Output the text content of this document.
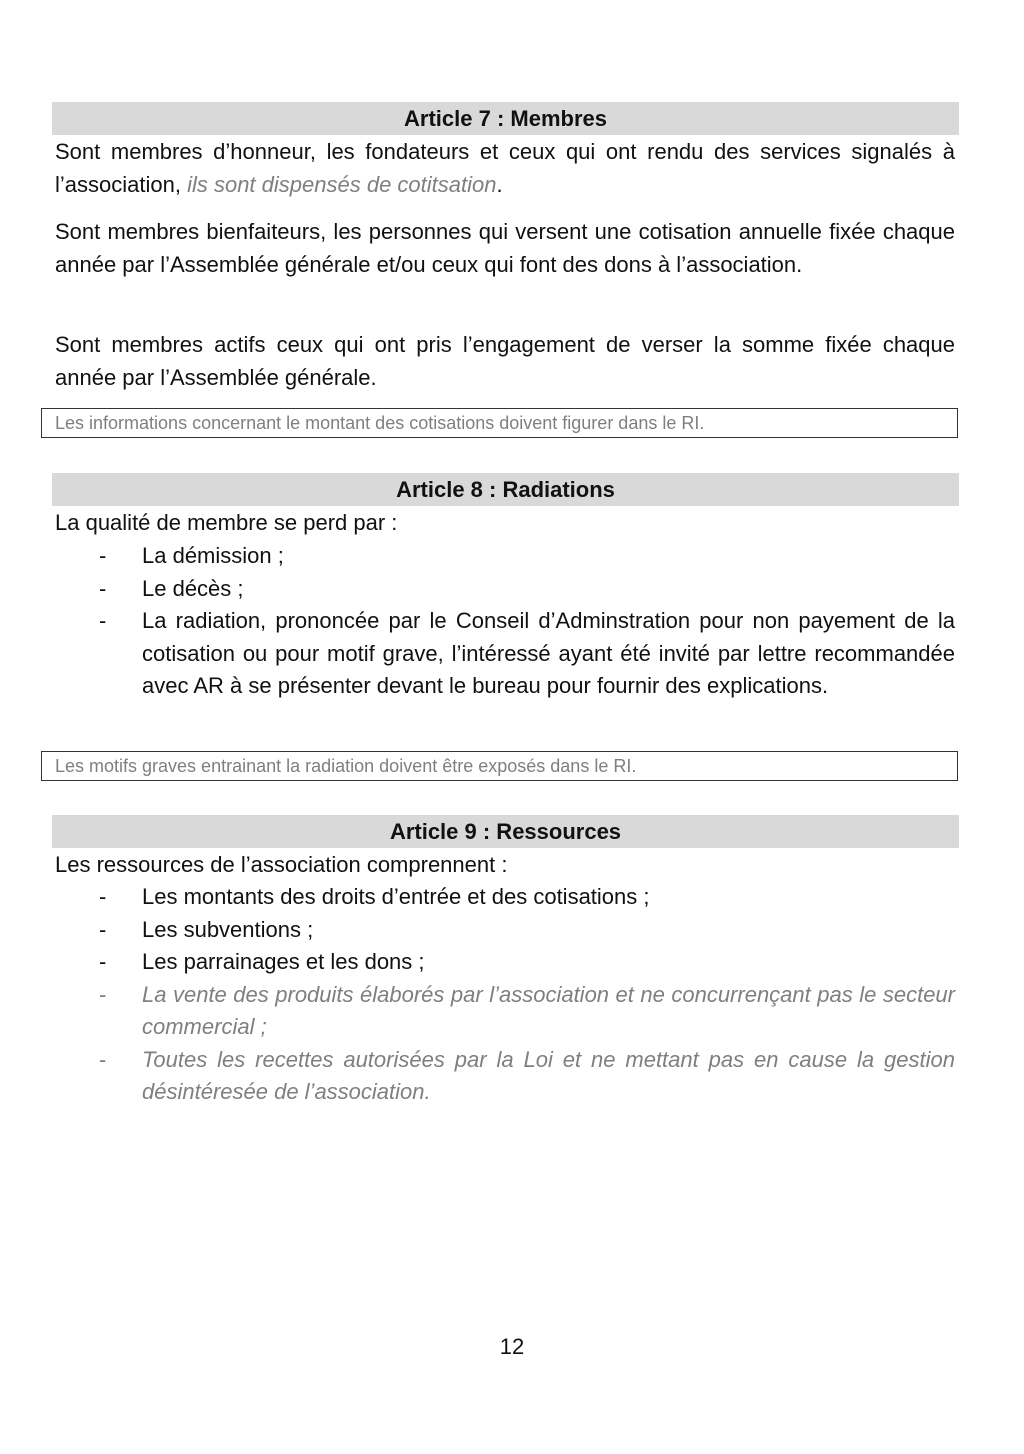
Article 7 : Membres

Sont membres d’honneur, les fondateurs et ceux qui ont rendu des services signalés à l’association, ils sont dispensés de cotitsation.

Sont membres bienfaiteurs, les personnes qui versent une cotisation annuelle fixée chaque année par l’Assemblée générale et/ou ceux qui font des dons à l’association.

Sont membres actifs ceux qui ont pris l’engagement de verser la somme fixée chaque année par l’Assemblée générale.

Les informations concernant le montant des cotisations doivent figurer dans le RI.
Article 8 : Radiations

La qualité de membre se perd par :

- La démission ;
- Le décès ;
- La radiation, prononcée par le Conseil d’Adminstration pour non payement de la cotisation ou pour motif grave, l’intéressé ayant été invité par lettre recommandée avec AR à se présenter devant le bureau pour fournir des explications.
Les motifs graves entrainant la radiation doivent être exposés dans le RI.
Article 9 : Ressources

Les ressources de l’association comprennent :

- Les montants des droits d’entrée et des cotisations ;
- Les subventions ;
- Les parrainages et les dons ;
- La vente des produits élaborés par l’association et ne concurrençant pas le secteur commercial ;
- Toutes les recettes autorisées par la Loi et ne mettant pas en cause la gestion désintéresée de l’association.
12
